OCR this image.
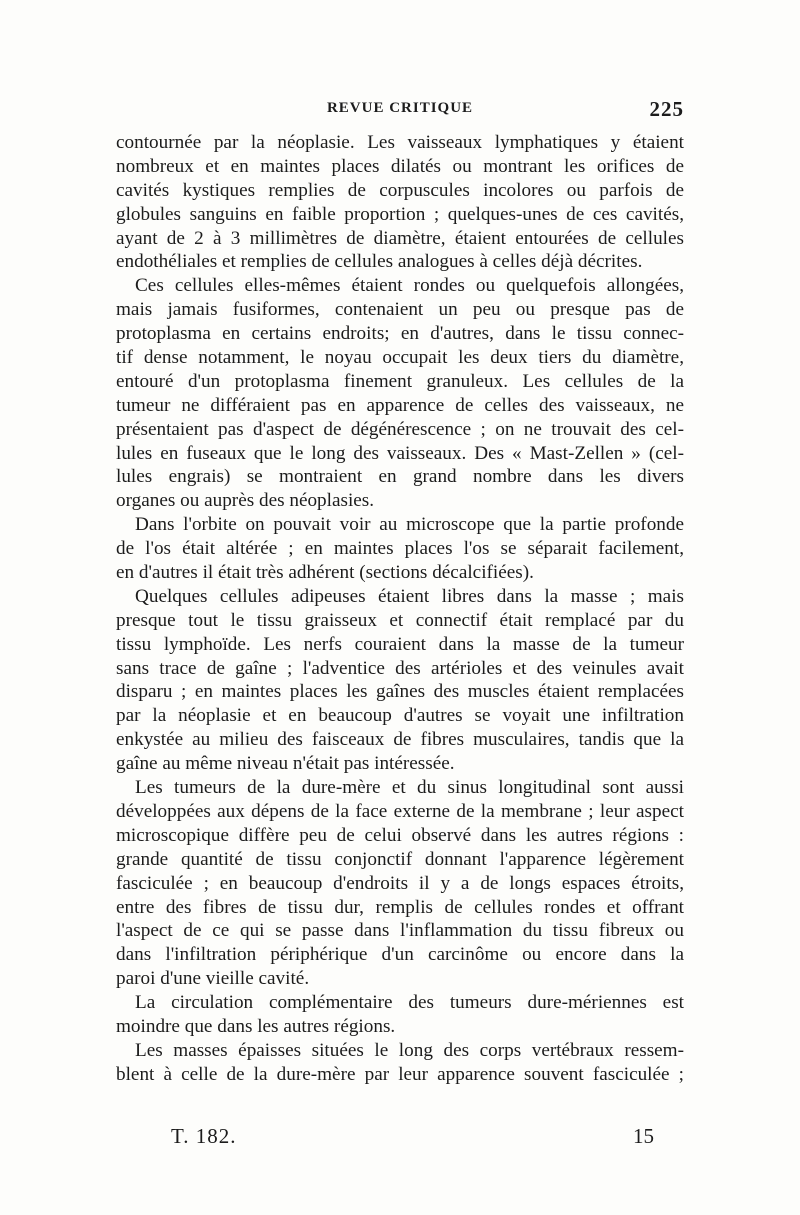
REVUE CRITIQUE	225
contournée par la néoplasie. Les vaisseaux lymphatiques y étaient
nombreux et en maintes places dilatés ou montrant les orifices de
cavités kystiques remplies de corpuscules incolores ou parfois de
globules sanguins en faible proportion ; quelques-unes de ces cavités,
ayant de 2 à 3 millimètres de diamètre, étaient entourées de cellules
endothéliales et remplies de cellules analogues à celles déjà décrites.
Ces cellules elles-mêmes étaient rondes ou quelquefois allongées,
mais jamais fusiformes, contenaient un peu ou presque pas de
protoplasma en certains endroits; en d'autres, dans le tissu connec-
tif dense notamment, le noyau occupait les deux tiers du diamètre,
entouré d'un protoplasma finement granuleux. Les cellules de la
tumeur ne différaient pas en apparence de celles des vaisseaux, ne
présentaient pas d'aspect de dégénérescence ; on ne trouvait des cel-
lules en fuseaux que le long des vaisseaux. Des « Mast-Zellen » (cel-
lules engrais) se montraient en grand nombre dans les divers
organes ou auprès des néoplasies.
Dans l'orbite on pouvait voir au microscope que la partie profonde
de l'os était altérée ; en maintes places l'os se séparait facilement,
en d'autres il était très adhérent (sections décalcifiées).
Quelques cellules adipeuses étaient libres dans la masse ; mais
presque tout le tissu graisseux et connectif était remplacé par du
tissu lymphoïde. Les nerfs couraient dans la masse de la tumeur
sans trace de gaîne ; l'adventice des artérioles et des veinules avait
disparu ; en maintes places les gaînes des muscles étaient remplacées
par la néoplasie et en beaucoup d'autres se voyait une infiltration
enkystée au milieu des faisceaux de fibres musculaires, tandis que la
gaîne au même niveau n'était pas intéressée.
Les tumeurs de la dure-mère et du sinus longitudinal sont aussi
développées aux dépens de la face externe de la membrane ; leur aspect
microscopique diffère peu de celui observé dans les autres régions :
grande quantité de tissu conjonctif donnant l'apparence légèrement
fasciculée ; en beaucoup d'endroits il y a de longs espaces étroits,
entre des fibres de tissu dur, remplis de cellules rondes et offrant
l'aspect de ce qui se passe dans l'inflammation du tissu fibreux ou
dans l'infiltration périphérique d'un carcinôme ou encore dans la
paroi d'une vieille cavité.
La circulation complémentaire des tumeurs dure-mériennes est
moindre que dans les autres régions.
Les masses épaisses situées le long des corps vertébraux ressem-
blent à celle de la dure-mère par leur apparence souvent fasciculée ;
T. 182.	15
